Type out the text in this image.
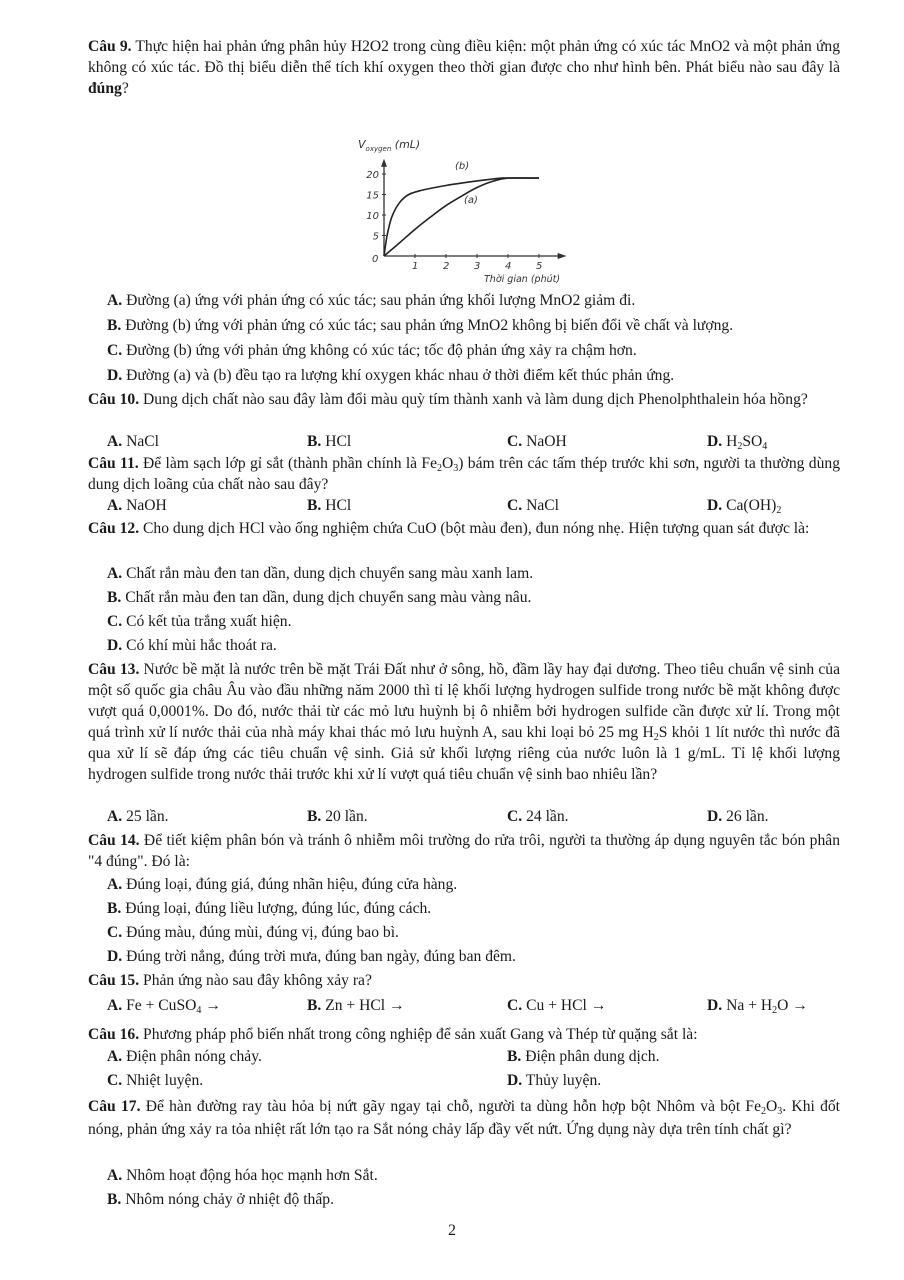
Câu 9. Thực hiện hai phản ứng phân hủy H2O2 trong cùng điều kiện: một phản ứng có xúc tác MnO2 và một phản ứng không có xúc tác. Đồ thị biểu diễn thể tích khí oxygen theo thời gian được cho như hình bên. Phát biểu nào sau đây là đúng?

$V_{oxygen}$ (mL)
1 2 3 4 5
5
10
15
20
(b)
(a)
0
Thời gian (phút)
A. Đường (a) ứng với phản ứng có xúc tác; sau phản ứng khối lượng MnO2 giảm đi.
B. Đường (b) ứng với phản ứng có xúc tác; sau phản ứng MnO2 không bị biến đổi về chất và lượng.
C. Đường (b) ứng với phản ứng không có xúc tác; tốc độ phản ứng xảy ra chậm hơn.
D. Đường (a) và (b) đều tạo ra lượng khí oxygen khác nhau ở thời điểm kết thúc phản ứng.

Câu 10. Dung dịch chất nào sau đây làm đổi màu quỳ tím thành xanh và làm dung dịch Phenolphthalein hóa hồng?

A. NaCl	B. HCl	C. NaOH	D. $H_2SO_4$

Câu 11. Để làm sạch lớp gỉ sắt (thành phần chính là $Fe_2O_3$) bám trên các tấm thép trước khi sơn, người ta thường dùng dung dịch loãng của chất nào sau đây?

A. NaOH	B. HCl	C. NaCl	D. $Ca(OH)_2$

Câu 12. Cho dung dịch HCl vào ống nghiệm chứa CuO (bột màu đen), đun nóng nhẹ. Hiện tượng quan sát được là:

A. Chất rắn màu đen tan dần, dung dịch chuyển sang màu xanh lam.
B. Chất rắn màu đen tan dần, dung dịch chuyển sang màu vàng nâu.
C. Có kết tủa trắng xuất hiện.
D. Có khí mùi hắc thoát ra.

Câu 13. Nước bề mặt là nước trên bề mặt Trái Đất như ở sông, hồ, đầm lầy hay đại dương. Theo tiêu chuẩn vệ sinh của một số quốc gia châu Âu vào đầu những năm 2000 thì tỉ lệ khối lượng hydrogen sulfide trong nước bề mặt không được vượt quá 0,0001%. Do đó, nước thải từ các mỏ lưu huỳnh bị ô nhiễm bởi hydrogen sulfide cần được xử lí. Trong một quá trình xử lí nước thải của nhà máy khai thác mỏ lưu huỳnh A, sau khi loại bỏ 25 mg $H_2S$ khỏi 1 lít nước thì nước đã qua xử lí sẽ đáp ứng các tiêu chuẩn vệ sinh. Giả sử khối lượng riêng của nước luôn là 1 g/mL. Tỉ lệ khối lượng hydrogen sulfide trong nước thải trước khi xử lí vượt quá tiêu chuẩn vệ sinh bao nhiêu lần?

A. 25 lần.	B. 20 lần.	C. 24 lần.	D. 26 lần.

Câu 14. Để tiết kiệm phân bón và tránh ô nhiễm môi trường do rửa trôi, người ta thường áp dụng nguyên tắc bón phân "4 đúng". Đó là:

A. Đúng loại, đúng giá, đúng nhãn hiệu, đúng cửa hàng.
B. Đúng loại, đúng liều lượng, đúng lúc, đúng cách.
C. Đúng màu, đúng mùi, đúng vị, đúng bao bì.
D. Đúng trời nắng, đúng trời mưa, đúng ban ngày, đúng ban đêm.

Câu 15. Phản ứng nào sau đây không xảy ra?

A. Fe + CuSO$_4$ →	B. Zn + HCl →	C. Cu + HCl →	D. $Na + H_2O$ →

Câu 16. Phương pháp phổ biến nhất trong công nghiệp để sản xuất Gang và Thép từ quặng sắt là:

A. Điện phân nóng chảy.	B. Điện phân dung dịch.
C. Nhiệt luyện.	D. Thủy luyện.

Câu 17. Để hàn đường ray tàu hỏa bị nứt gãy ngay tại chỗ, người ta dùng hỗn hợp bột Nhôm và bột $Fe_2O_3$. Khi đốt nóng, phản ứng xảy ra tỏa nhiệt rất lớn tạo ra Sắt nóng chảy lấp đầy vết nứt. Ứng dụng này dựa trên tính chất gì?

A. Nhôm hoạt động hóa học mạnh hơn Sắt.
B. Nhôm nóng chảy ở nhiệt độ thấp.
2
